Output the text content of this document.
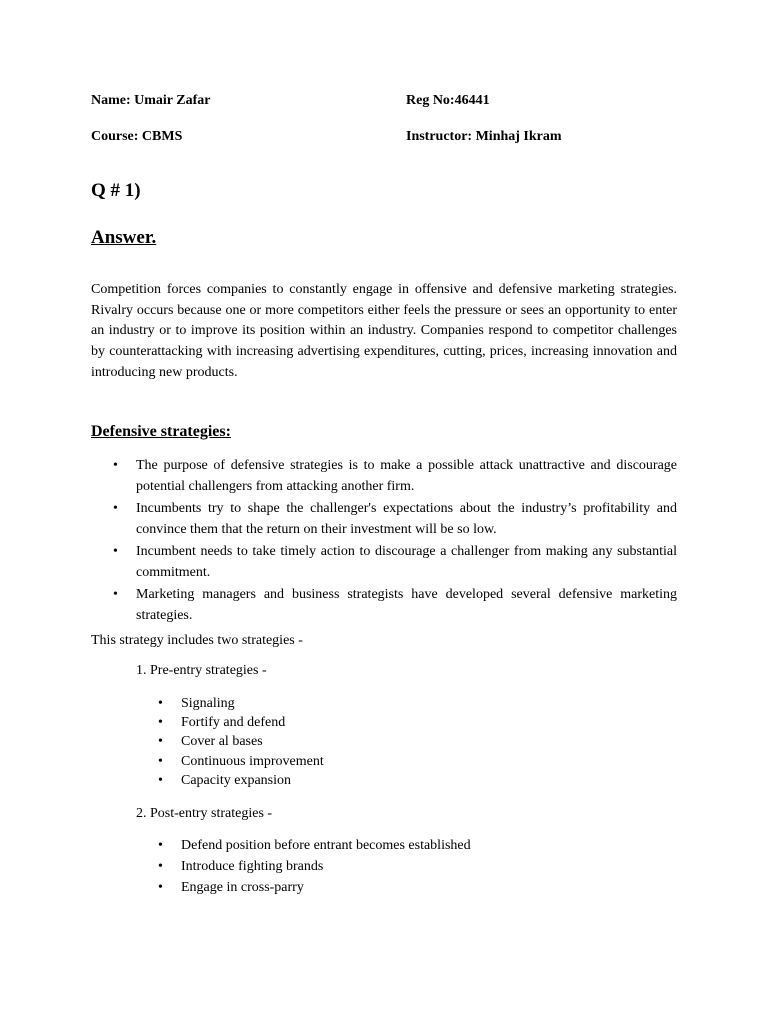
Name: Umair Zafar	Reg No:46441
Course: CBMS	Instructor: Minhaj Ikram
Q # 1)
Answer.

Competition forces companies to constantly engage in offensive and defensive marketing strategies. Rivalry occurs because one or more competitors either feels the pressure or sees an opportunity to enter an industry or to improve its position within an industry. Companies respond to competitor challenges by counterattacking with increasing advertising expenditures, cutting, prices, increasing innovation and introducing new products.

Defensive strategies:
• The purpose of defensive strategies is to make a possible attack unattractive and discourage potential challengers from attacking another firm.
• Incumbents try to shape the challenger's expectations about the industry’s profitability and convince them that the return on their investment will be so low.
• Incumbent needs to take timely action to discourage a challenger from making any substantial commitment.
• Marketing managers and business strategists have developed several defensive marketing strategies.
This strategy includes two strategies -
1. Pre-entry strategies -
• Signaling
• Fortify and defend
• Cover al bases
• Continuous improvement
• Capacity expansion
2. Post-entry strategies -
• Defend position before entrant becomes established
• Introduce fighting brands
• Engage in cross-parry
